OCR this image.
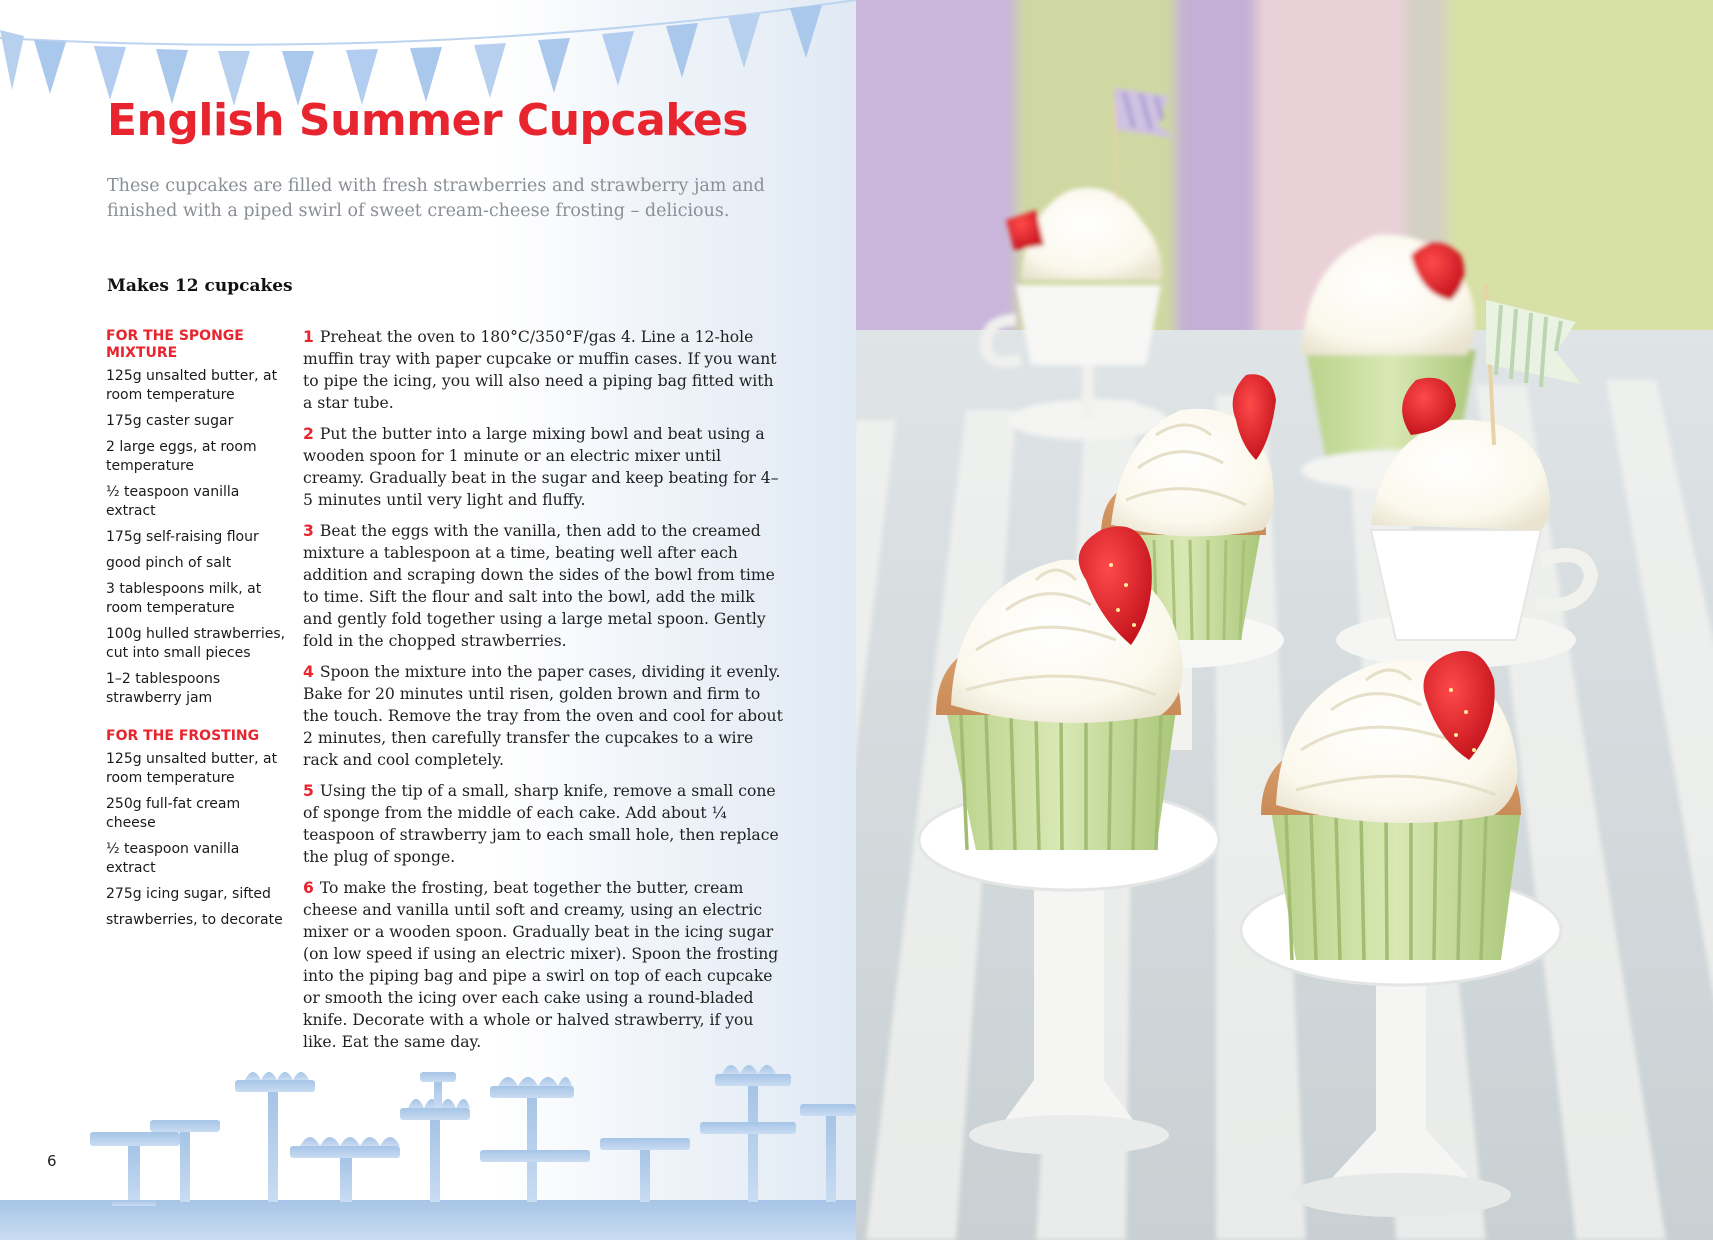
English Summer Cupcakes

These cupcakes are filled with fresh strawberries and strawberry jam and finished with a piped swirl of sweet cream-cheese frosting – delicious.

Makes 12 cupcakes

FOR THE SPONGE MIXTURE
125g unsalted butter, at room temperature
175g caster sugar
2 large eggs, at room temperature
½ teaspoon vanilla extract
175g self-raising flour
good pinch of salt
3 tablespoons milk, at room temperature
100g hulled strawberries, cut into small pieces
1–2 tablespoons strawberry jam
FOR THE FROSTING
125g unsalted butter, at room temperature
250g full-fat cream cheese
½ teaspoon vanilla extract
275g icing sugar, sifted
strawberries, to decorate

1 Preheat the oven to 180°C/350°F/gas 4. Line a 12-hole muffin tray with paper cupcake or muffin cases. If you want to pipe the icing, you will also need a piping bag fitted with a star tube.

2 Put the butter into a large mixing bowl and beat using a wooden spoon for 1 minute or an electric mixer until creamy. Gradually beat in the sugar and keep beating for 4–5 minutes until very light and fluffy.

3 Beat the eggs with the vanilla, then add to the creamed mixture a tablespoon at a time, beating well after each addition and scraping down the sides of the bowl from time to time. Sift the flour and salt into the bowl, add the milk and gently fold together using a large metal spoon. Gently fold in the chopped strawberries.

4 Spoon the mixture into the paper cases, dividing it evenly. Bake for 20 minutes until risen, golden brown and firm to the touch. Remove the tray from the oven and cool for about 2 minutes, then carefully transfer the cupcakes to a wire rack and cool completely.

5 Using the tip of a small, sharp knife, remove a small cone of sponge from the middle of each cake. Add about ¼ teaspoon of strawberry jam to each small hole, then replace the plug of sponge.

6 To make the frosting, beat together the butter, cream cheese and vanilla until soft and creamy, using an electric mixer or a wooden spoon. Gradually beat in the icing sugar (on low speed if using an electric mixer). Spoon the frosting into the piping bag and pipe a swirl on top of each cupcake or smooth the icing over each cake using a round-bladed knife. Decorate with a whole or halved strawberry, if you like. Eat the same day.

6
